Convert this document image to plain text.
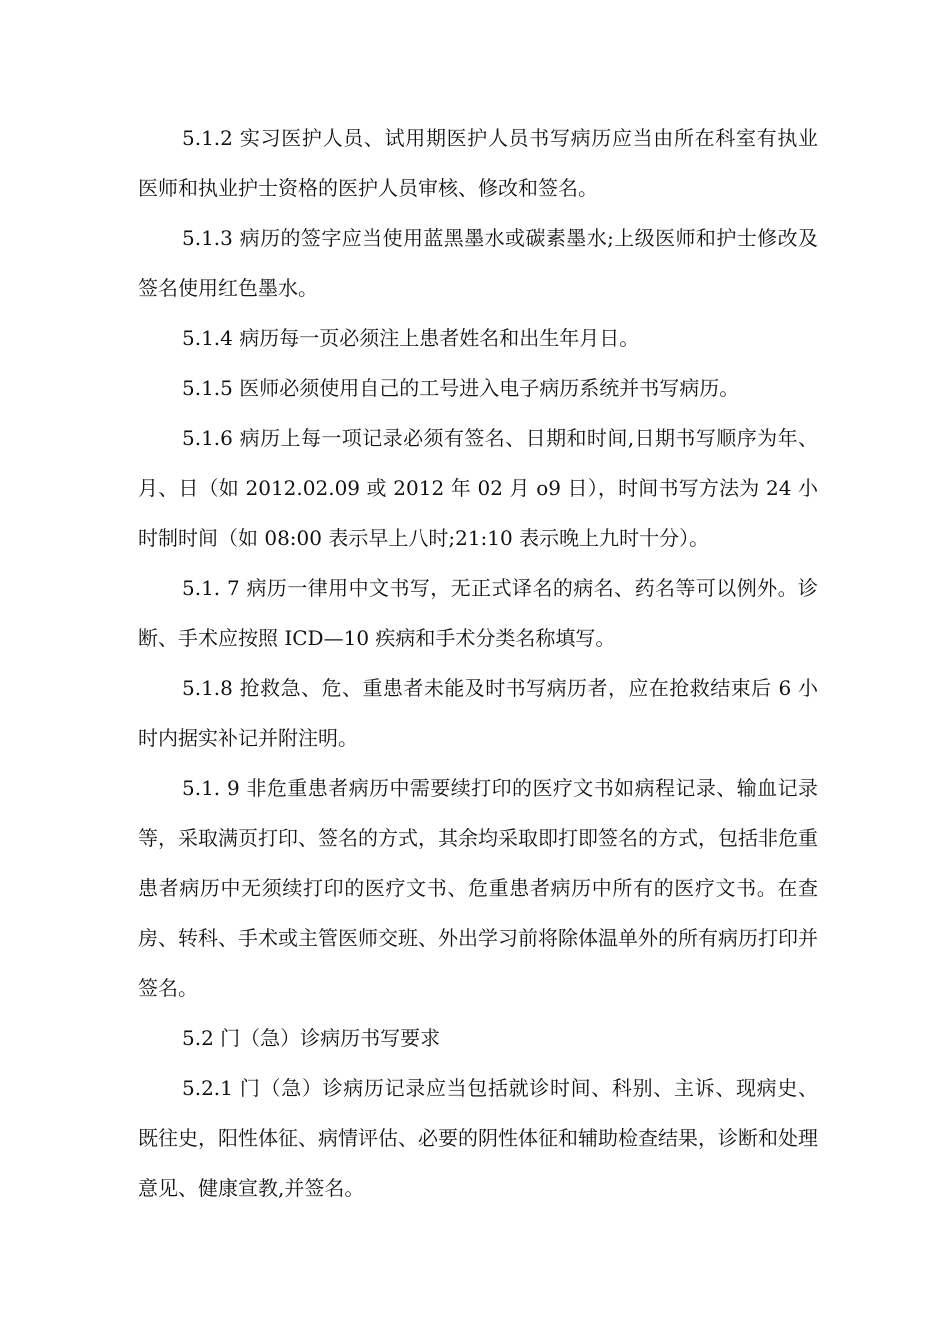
5.1.2 实习医护人员、试用期医护人员书写病历应当由所在科室有执业医师和执业护士资格的医护人员审核、修改和签名。

5.1.3 病历的签字应当使用蓝黑墨水或碳素墨水;上级医师和护士修改及签名使用红色墨水。

5.1.4 病历每一页必须注上患者姓名和出生年月日。

5.1.5 医师必须使用自己的工号进入电子病历系统并书写病历。

5.1.6 病历上每一项记录必须有签名、日期和时间,日期书写顺序为年、月、日（如 2012.02.09 或 2012 年 02 月 o9 日），时间书写方法为 24 小时制时间（如 08:00 表示早上八时;21:10 表示晚上九时十分）。

5.1. 7 病历一律用中文书写，无正式译名的病名、药名等可以例外。诊断、手术应按照 ICD—10 疾病和手术分类名称填写。

5.1.8 抢救急、危、重患者未能及时书写病历者，应在抢救结束后 6 小时内据实补记并附注明。

5.1. 9 非危重患者病历中需要续打印的医疗文书如病程记录、输血记录等，采取满页打印、签名的方式，其余均采取即打即签名的方式，包括非危重患者病历中无须续打印的医疗文书、危重患者病历中所有的医疗文书。在查房、转科、手术或主管医师交班、外出学习前将除体温单外的所有病历打印并签名。

5.2 门（急）诊病历书写要求

5.2.1 门（急）诊病历记录应当包括就诊时间、科别、主诉、现病史、既往史，阳性体征、病情评估、必要的阴性体征和辅助检查结果，诊断和处理意见、健康宣教,并签名。
